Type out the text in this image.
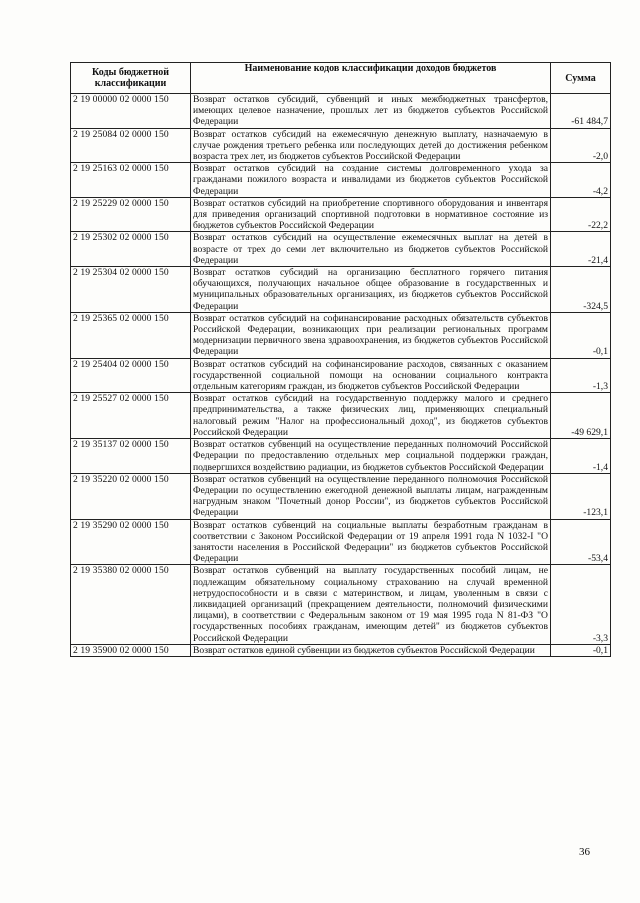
Коды бюджетной классификации	Наименование кодов классификации доходов бюджетов	Сумма
2 19 00000 02 0000 150	Возврат остатков субсидий, субвенций и иных межбюджетных трансфертов, имеющих целевое назначение, прошлых лет из бюджетов субъектов Российской Федерации	-61 484,7
2 19 25084 02 0000 150	Возврат остатков субсидий на ежемесячную денежную выплату, назначаемую в случае рождения третьего ребенка или последующих детей до достижения ребенком возраста трех лет, из бюджетов субъектов Российской Федерации	-2,0
2 19 25163 02 0000 150	Возврат остатков субсидий на создание системы долговременного ухода за гражданами пожилого возраста и инвалидами из бюджетов субъектов Российской Федерации	-4,2
2 19 25229 02 0000 150	Возврат остатков субсидий на приобретение спортивного оборудования и инвентаря для приведения организаций спортивной подготовки в нормативное состояние из бюджетов субъектов Российской Федерации	-22,2
2 19 25302 02 0000 150	Возврат остатков субсидий на осуществление ежемесячных выплат на детей в возрасте от трех до семи лет включительно из бюджетов субъектов Российской Федерации	-21,4
2 19 25304 02 0000 150	Возврат остатков субсидий на организацию бесплатного горячего питания обучающихся, получающих начальное общее образование в государственных и муниципальных образовательных организациях, из бюджетов субъектов Российской Федерации	-324,5
2 19 25365 02 0000 150	Возврат остатков субсидий на софинансирование расходных обязательств субъектов Российской Федерации, возникающих при реализации региональных программ модернизации первичного звена здравоохранения, из бюджетов субъектов Российской Федерации	-0,1
2 19 25404 02 0000 150	Возврат остатков субсидий на софинансирование расходов, связанных с оказанием государственной социальной помощи на основании социального контракта отдельным категориям граждан, из бюджетов субъектов Российской Федерации	-1,3
2 19 25527 02 0000 150	Возврат остатков субсидий на государственную поддержку малого и среднего предпринимательства, а также физических лиц, применяющих специальный налоговый режим "Налог на профессиональный доход", из бюджетов субъектов Российской Федерации	-49 629,1
2 19 35137 02 0000 150	Возврат остатков субвенций на осуществление переданных полномочий Российской Федерации по предоставлению отдельных мер социальной поддержки граждан, подвергшихся воздействию радиации, из бюджетов субъектов Российской Федерации	-1,4
2 19 35220 02 0000 150	Возврат остатков субвенций на осуществление переданного полномочия Российской Федерации по осуществлению ежегодной денежной выплаты лицам, награжденным нагрудным знаком "Почетный донор России", из бюджетов субъектов Российской Федерации	-123,1
2 19 35290 02 0000 150	Возврат остатков субвенций на социальные выплаты безработным гражданам в соответствии с Законом Российской Федерации от 19 апреля 1991 года N 1032-I "О занятости населения в Российской Федерации" из бюджетов субъектов Российской Федерации	-53,4
2 19 35380 02 0000 150	Возврат остатков субвенций на выплату государственных пособий лицам, не подлежащим обязательному социальному страхованию на случай временной нетрудоспособности и в связи с материнством, и лицам, уволенным в связи с ликвидацией организаций (прекращением деятельности, полномочий физическими лицами), в соответствии с Федеральным законом от 19 мая 1995 года N 81-ФЗ "О государственных пособиях гражданам, имеющим детей" из бюджетов субъектов Российской Федерации	-3,3
2 19 35900 02 0000 150	Возврат остатков единой субвенции из бюджетов субъектов Российской Федерации	-0,1
36
